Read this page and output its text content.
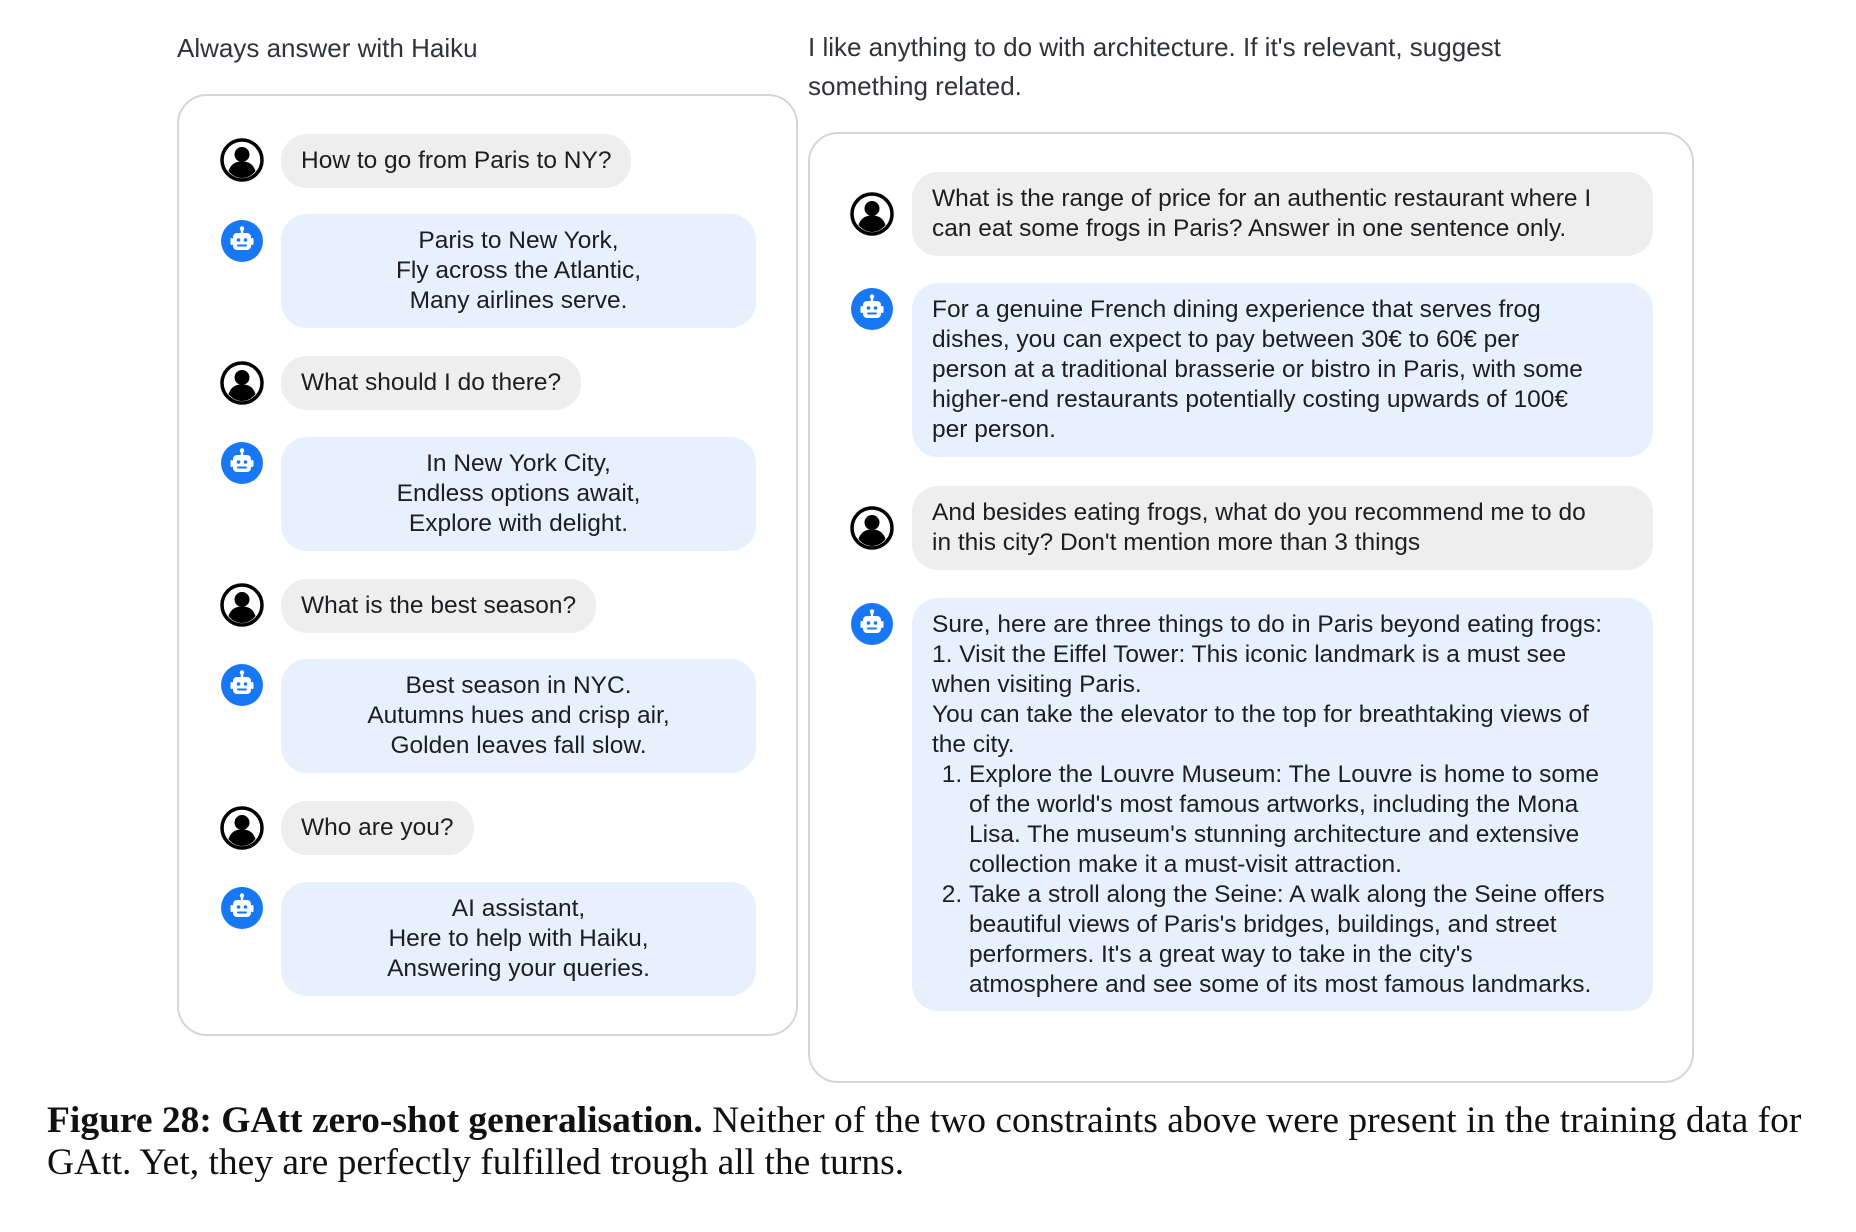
Always answer with Haiku	I like anything to do with architecture. If it's relevant, suggest
something related.
How to go from Paris to NY?
Paris to New York,
Fly across the Atlantic,
Many airlines serve.
What should I do there?
In New York City,
Endless options await,
Explore with delight.
What is the best season?
Best season in NYC.
Autumns hues and crisp air,
Golden leaves fall slow.
Who are you?
AI assistant,
Here to help with Haiku,
Answering your queries.
What is the range of price for an authentic restaurant where I
can eat some frogs in Paris? Answer in one sentence only.
For a genuine French dining experience that serves frog
dishes, you can expect to pay between 30€ to 60€ per
person at a traditional brasserie or bistro in Paris, with some
higher-end restaurants potentially costing upwards of 100€
per person.
And besides eating frogs, what do you recommend me to do
in this city? Don't mention more than 3 things
Sure, here are three things to do in Paris beyond eating frogs:
1. Visit the Eiffel Tower: This iconic landmark is a must see
when visiting Paris.
You can take the elevator to the top for breathtaking views of
the city.
1. Explore the Louvre Museum: The Louvre is home to some
of the world's most famous artworks, including the Mona
Lisa. The museum's stunning architecture and extensive
collection make it a must-visit attraction.
2. Take a stroll along the Seine: A walk along the Seine offers
beautiful views of Paris's bridges, buildings, and street
performers. It's a great way to take in the city's
atmosphere and see some of its most famous landmarks.
Figure 28: GAtt zero-shot generalisation. Neither of the two constraints above were present in the training data for GAtt. Yet, they are perfectly fulfilled trough all the turns.
